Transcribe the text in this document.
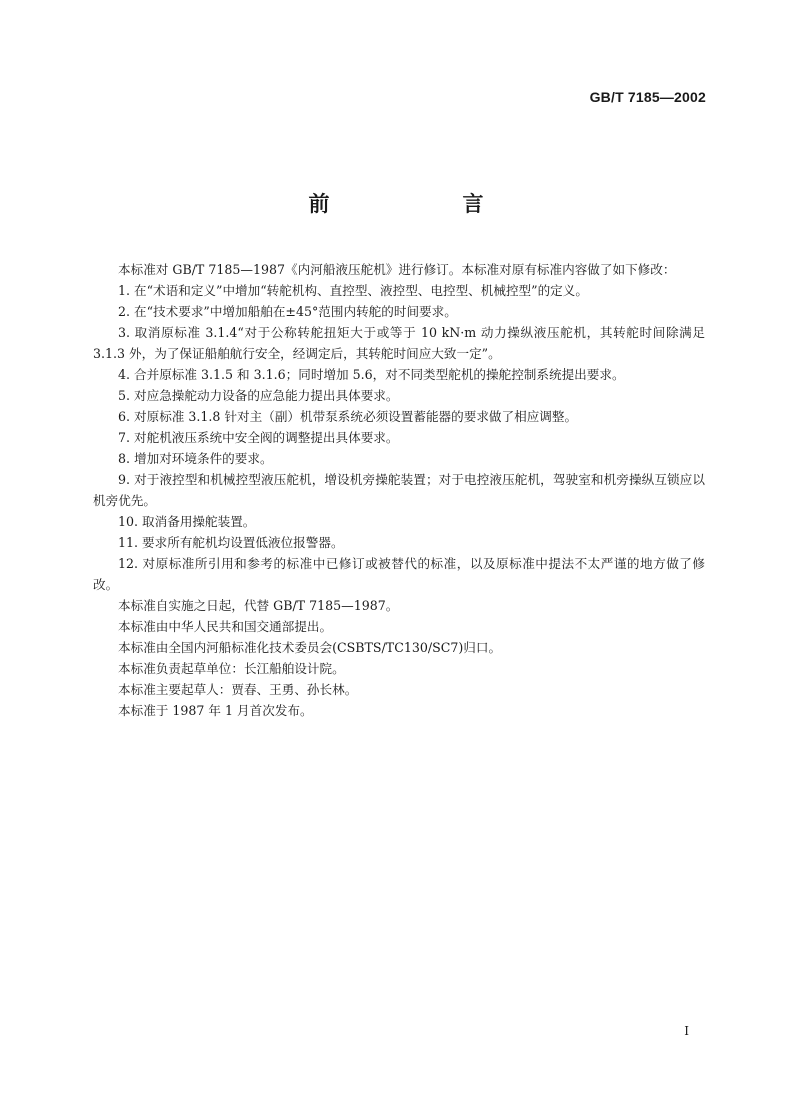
GB/T 7185—2002
前　言

本标准对 GB/T 7185—1987《内河船液压舵机》进行修订。本标准对原有标准内容做了如下修改：

1. 在“术语和定义”中增加“转舵机构、直控型、液控型、电控型、机械控型”的定义。

2. 在“技术要求”中增加船舶在±45°范围内转舵的时间要求。

3. 取消原标准 3.1.4“对于公称转舵扭矩大于或等于 10 kN·m 动力操纵液压舵机，其转舵时间除满足 3.1.3 外，为了保证船舶航行安全，经调定后，其转舵时间应大致一定”。

4. 合并原标准 3.1.5 和 3.1.6；同时增加 5.6，对不同类型舵机的操舵控制系统提出要求。

5. 对应急操舵动力设备的应急能力提出具体要求。

6. 对原标准 3.1.8 针对主（副）机带泵系统必须设置蓄能器的要求做了相应调整。

7. 对舵机液压系统中安全阀的调整提出具体要求。

8. 增加对环境条件的要求。

9. 对于液控型和机械控型液压舵机，增设机旁操舵装置；对于电控液压舵机，驾驶室和机旁操纵互锁应以机旁优先。

10. 取消备用操舵装置。

11. 要求所有舵机均设置低液位报警器。

12. 对原标准所引用和参考的标准中已修订或被替代的标准，以及原标准中提法不太严谨的地方做了修改。

本标准自实施之日起，代替 GB/T 7185—1987。

本标准由中华人民共和国交通部提出。

本标准由全国内河船标准化技术委员会(CSBTS/TC130/SC7)归口。

本标准负责起草单位：长江船舶设计院。

本标准主要起草人：贾春、王勇、孙长林。

本标准于 1987 年 1 月首次发布。

I
